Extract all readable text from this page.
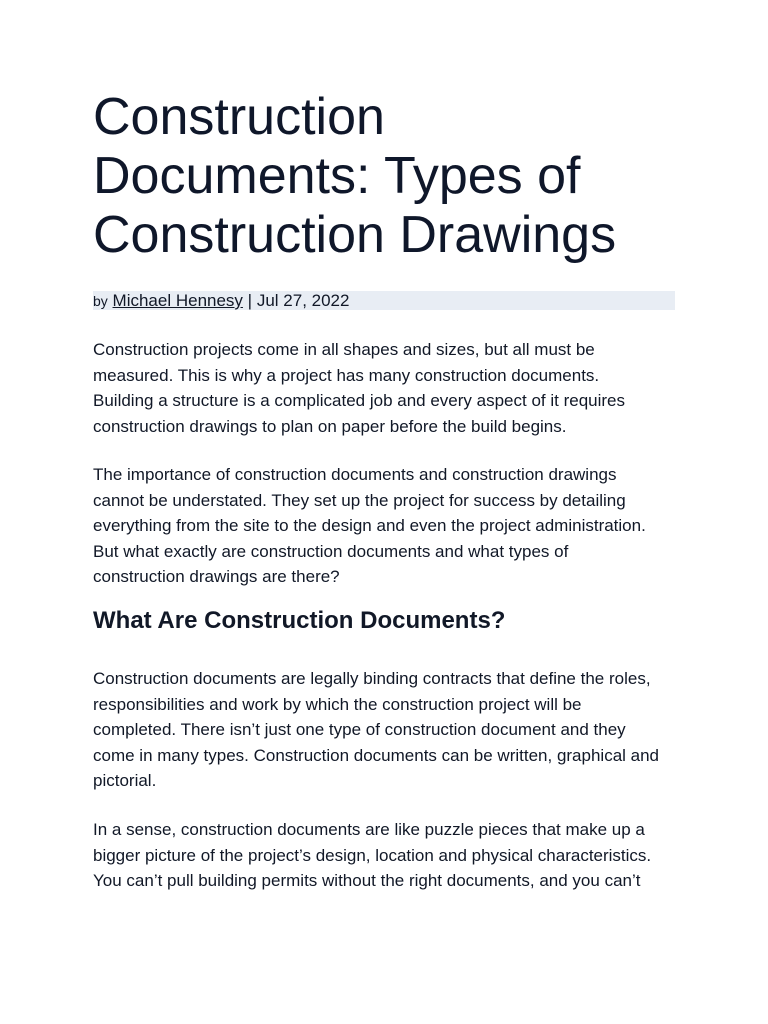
Construction
Documents: Types of
Construction Drawings
by Michael Hennesy | Jul 27, 2022

Construction projects come in all shapes and sizes, but all must be
measured. This is why a project has many construction documents.
Building a structure is a complicated job and every aspect of it requires
construction drawings to plan on paper before the build begins.

The importance of construction documents and construction drawings
cannot be understated. They set up the project for success by detailing
everything from the site to the design and even the project administration.
But what exactly are construction documents and what types of
construction drawings are there?

What Are Construction Documents?

Construction documents are legally binding contracts that define the roles,
responsibilities and work by which the construction project will be
completed. There isn’t just one type of construction document and they
come in many types. Construction documents can be written, graphical and
pictorial.

In a sense, construction documents are like puzzle pieces that make up a
bigger picture of the project’s design, location and physical characteristics.
You can’t pull building permits without the right documents, and you can’t
